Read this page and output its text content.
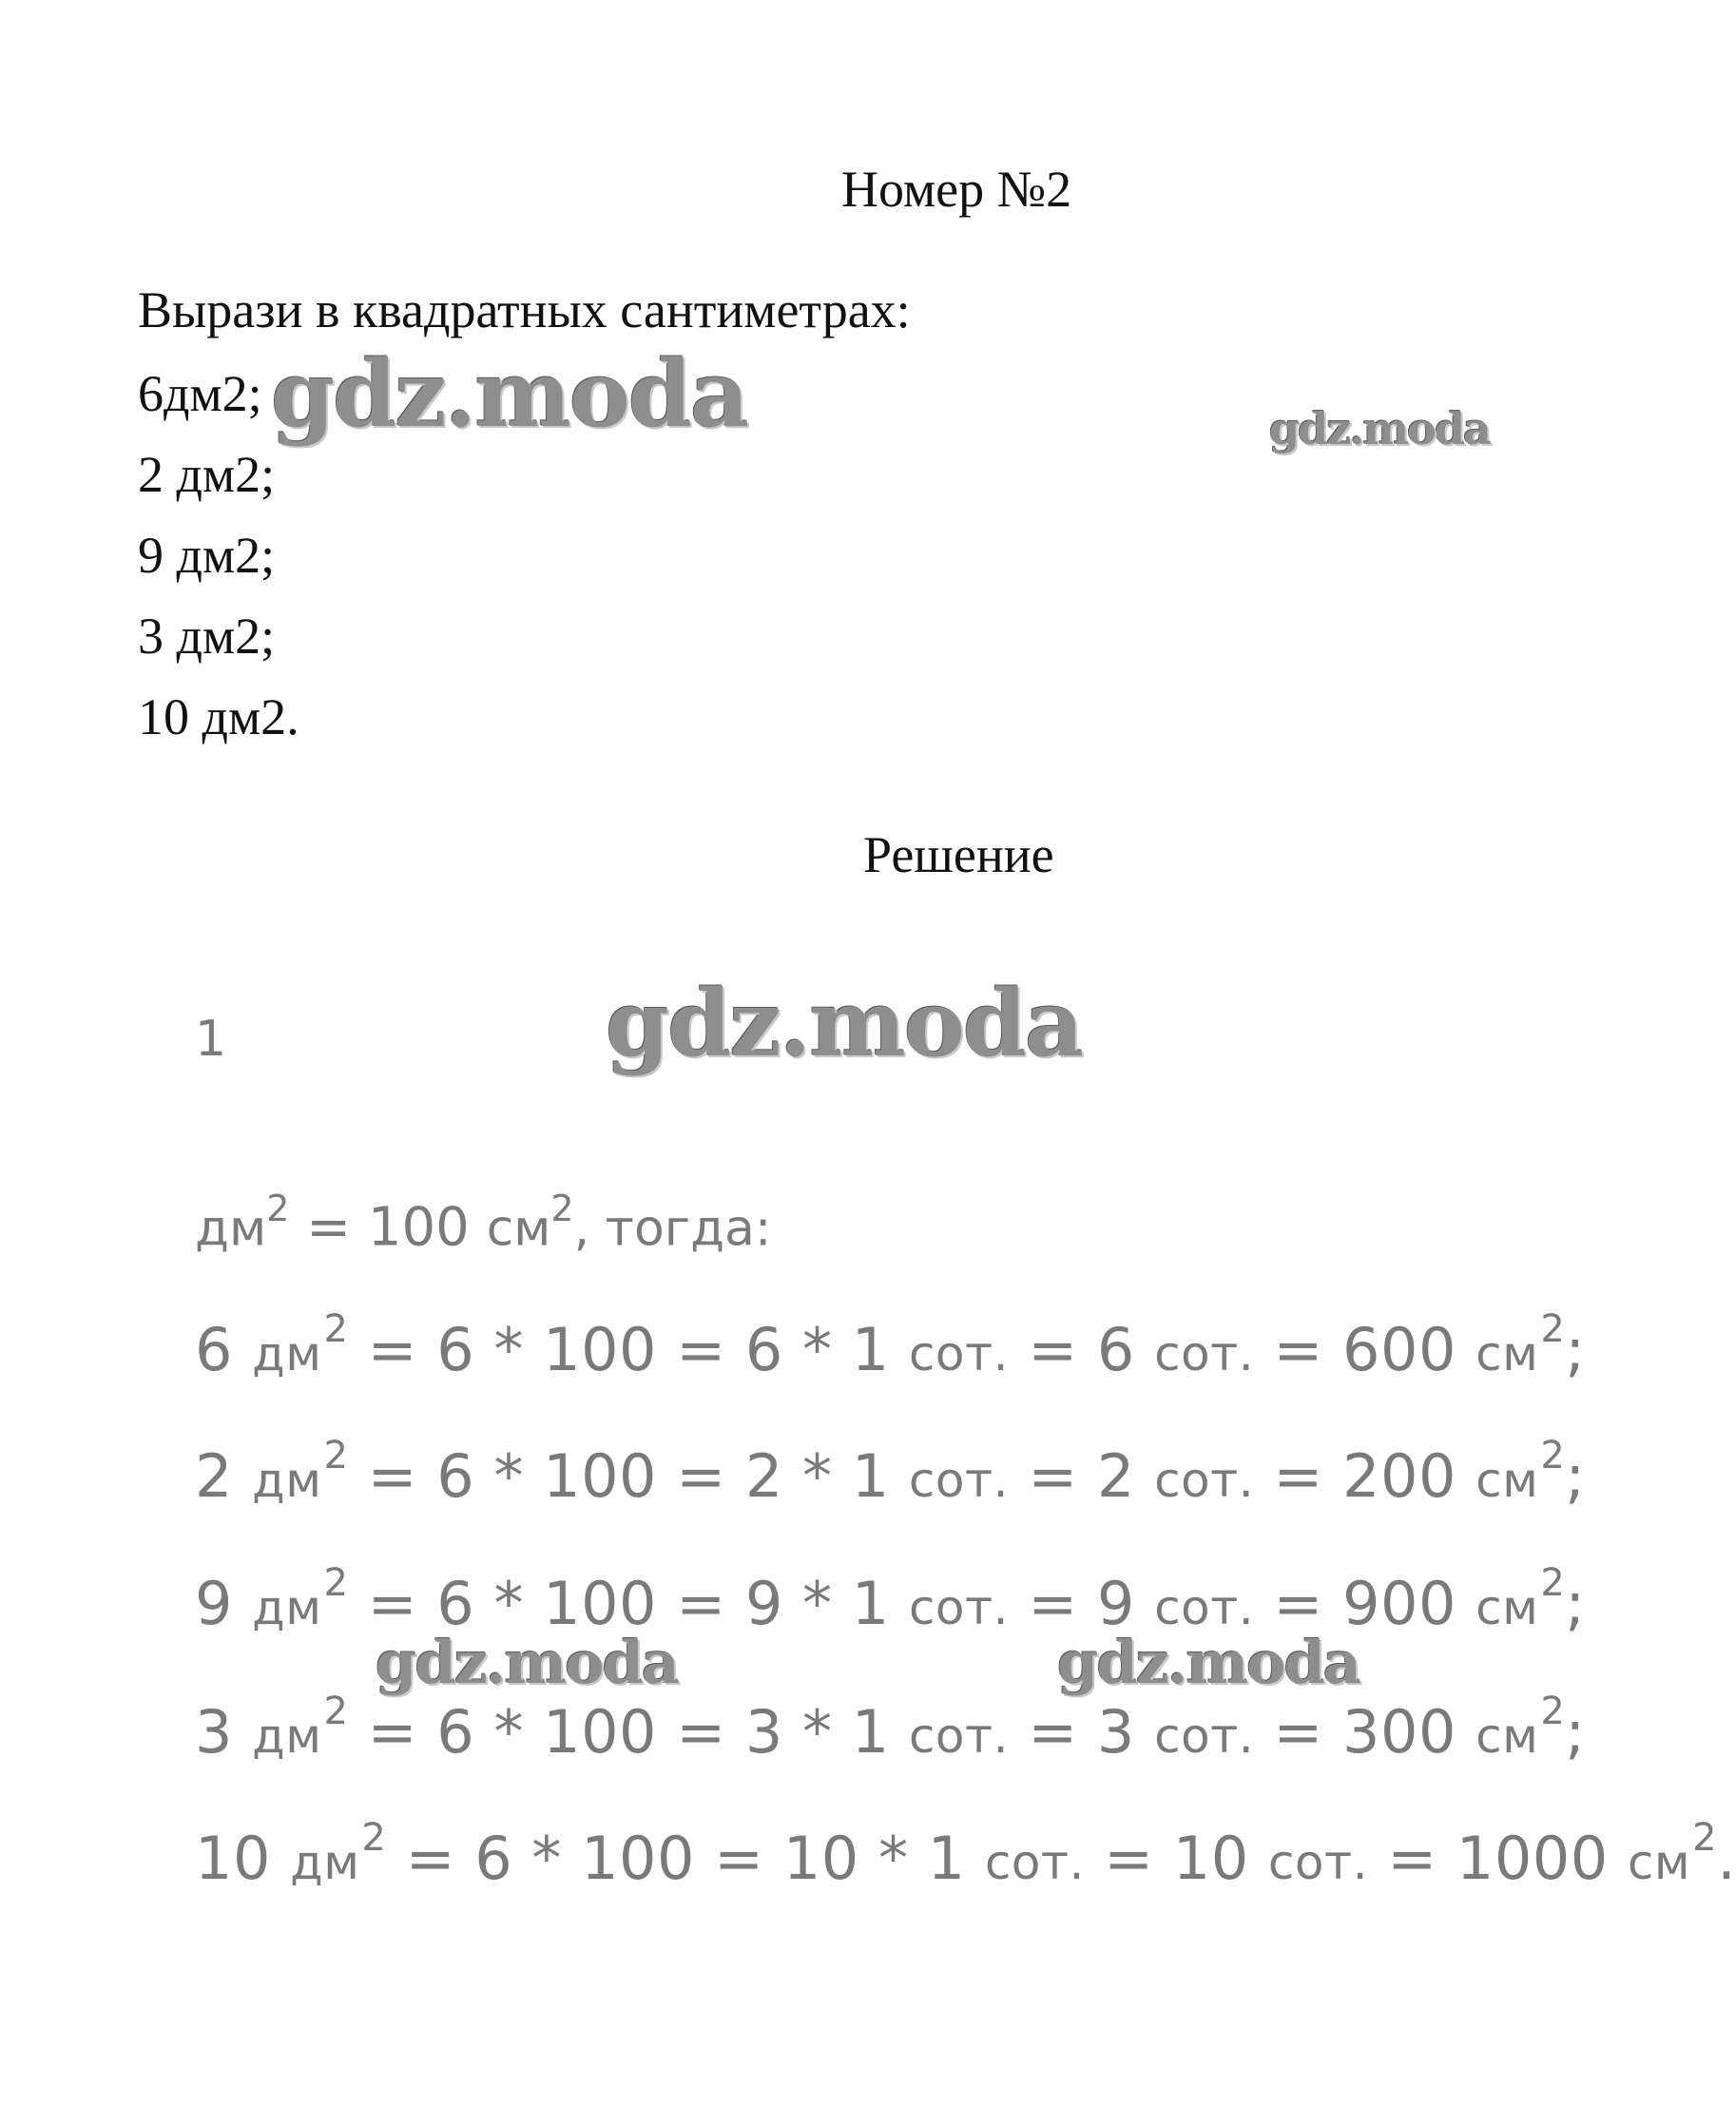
Номер №2
Вырази в квадратных сантиметрах:
6дм2;
2 дм2;
9 дм2;
3 дм2;
10 дм2.
Решение
1
$дм^2 = 100$ $см^2$, тогда:
6 $дм^2 = 6 * 100 = 6 * 1$ сот. = 6 сот. = 600 $см^2$;
2 $дм^2 = 6 * 100 = 2 * 1$ сот. = 2 сот. = 200 $см^2$;
9 $дм^2 = 6 * 100 = 9 * 1$ сот. = 9 сот. = 900 $см^2$;
3 $дм^2 = 6 * 100 = 3 * 1$ сот. = 3 сот. = 300 $см^2$;
10 $дм^2 = 6 * 100 = 10 * 1$ сот. = 10 сот. = 1000 $см^2$.
gdz.moda	gdz.moda
gdz.moda
gdz.moda	gdz.moda
